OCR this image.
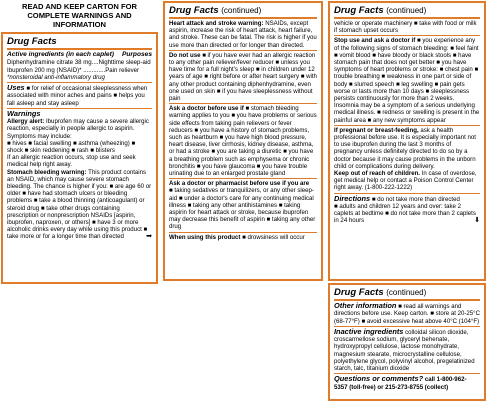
READ AND KEEP CARTON FOR COMPLETE WARNINGS AND INFORMATION
Drug Facts
Active ingredients (in each caplet) Purposes
Diphenhydramine citrate 38 mg....Nighttime sleep-aid
Ibuprofen 200 mg (NSAID)* .............Pain reliever
*nonsteroidal anti-inflammatory drug
Uses ■ for relief of occasional sleeplessness when associated with minor aches and pains ■ helps you fall asleep and stay asleep
Warnings
Allergy alert: Ibuprofen may cause a severe allergic reaction, especially in people allergic to aspirin. Symptoms may include:
■ hives ■ facial swelling ■ asthma (wheezing) ■ shock ■ skin reddening ■ rash ■ blisters
If an allergic reaction occurs, stop use and seek medical help right away.
Stomach bleeding warning: This product contains an NSAID, which may cause severe stomach bleeding. The chance is higher if you: ■ are age 60 or older ■ have had stomach ulcers or bleeding problems ■ take a blood thinning (anticoagulant) or steroid drug ■ take other drugs containing prescription or nonprescription NSAIDs [aspirin, ibuprofen, naproxen, or others] ■ have 3 or more alcoholic drinks every day while using this product ■ take more or for a longer time than directed	➡
Drug Facts (continued)
Heart attack and stroke warning: NSAIDs, except aspirin, increase the risk of heart attack, heart failure, and stroke. These can be fatal. The risk is higher if you use more than directed or for longer than directed.
Do not use ■ if you have ever had an allergic reaction to any other pain reliever/fever reducer ■ unless you have time for a full night's sleep ■ in children under 12 years of age ■ right before or after heart surgery ■ with any other product containing diphenhydramine, even one used on skin ■ if you have sleeplessness without pain
Ask a doctor before use if ■ stomach bleeding warning applies to you ■ you have problems or serious side effects from taking pain relievers or fever reducers ■ you have a history of stomach problems, such as heartburn ■ you have high blood pressure, heart disease, liver cirrhosis, kidney disease, asthma, or had a stroke ■ you are taking a diuretic ■ you have a breathing problem such as emphysema or chronic bronchitis ■ you have glaucoma ■ you have trouble urinating due to an enlarged prostate gland
Ask a doctor or pharmacist before use if you are
■ taking sedatives or tranquilizers, or any other sleep-aid ■ under a doctor's care for any continuing medical illness ■ taking any other antihistamines ■ taking aspirin for heart attack or stroke, because ibuprofen may decrease this benefit of aspirin ■ taking any other drug
When using this product ■ drowsiness will occur
Drug Facts (continued)
vehicle or operate machinery ■ take with food or milk if stomach upset occurs
Stop use and ask a doctor if ■ you experience any of the following signs of stomach bleeding: ■ feel faint ■ vomit blood ■ have bloody or black stools ■ have stomach pain that does not get better ■ you have symptoms of heart problems or stroke: ■ chest pain ■ trouble breathing ■ weakness in one part or side of body ■ slurred speech ■ leg swelling ■ pain gets worse or lasts more than 10 days ■ sleeplessness persists continuously for more than 2 weeks. Insomnia may be a symptom of a serious underlying medical illness. ■ redness or swelling is present in the painful area ■ any new symptoms appear
If pregnant or breast-feeding, ask a health professional before use. It is especially important not to use ibuprofen during the last 3 months of pregnancy unless definitely directed to do so by a doctor because it may cause problems in the unborn child or complications during delivery.
Keep out of reach of children. In case of overdose, get medical help or contact a Poison Control Center right away. (1-800-222-1222)
Directions ■ do not take more than directed
■ adults and children 12 years and over: take 2 caplets at bedtime ■ do not take more than 2 caplets in 24 hours	⬇
Drug Facts (continued)
Other information ■ read all warnings and directions before use. Keep carton. ■ store at 20-25°C (68-77°F) ■ avoid excessive heat above 40°C (104°F)
Inactive ingredients colloidal silicon dioxide, croscarmellose sodium, glyceryl behenate, hydroxypropyl cellulose, lactose monohydrate, magnesium stearate, microcrystalline cellulose, polyethylene glycol, polyvinyl alcohol, pregelatinized starch, talc, titanium dioxide
Questions or comments? call 1-800-962-5357 (toll-free) or 215-273-8755 (collect)
